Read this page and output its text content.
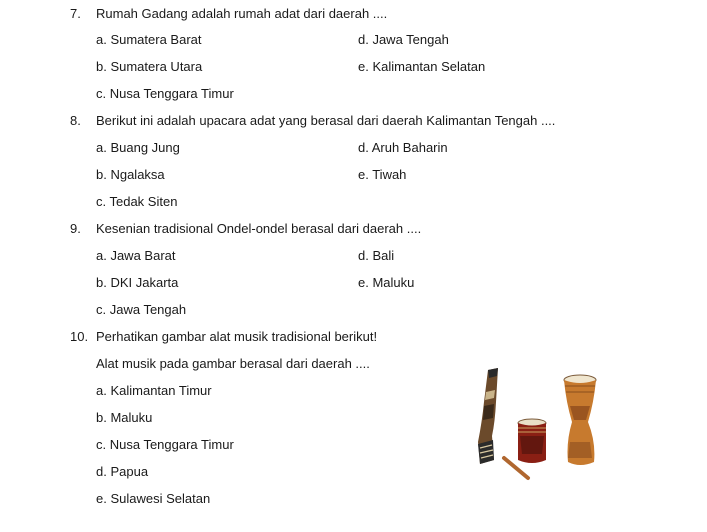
7. Rumah Gadang adalah rumah adat dari daerah ....
a. Sumatera Barat	d. Jawa Tengah
b. Sumatera Utara	e. Kalimantan Selatan
c. Nusa Tenggara Timur
8. Berikut ini adalah upacara adat yang berasal dari daerah Kalimantan Tengah ....
a. Buang Jung	d. Aruh Baharin
b. Ngalaksa	e. Tiwah
c. Tedak Siten
9. Kesenian tradisional Ondel-ondel berasal dari daerah ....
a. Jawa Barat	d. Bali
b. DKI Jakarta	e. Maluku
c. Jawa Tengah
10. Perhatikan gambar alat musik tradisional berikut!
Alat musik pada gambar berasal dari daerah ....
a. Kalimantan Timur
b. Maluku
c. Nusa Tenggara Timur
d. Papua
e. Sulawesi Selatan
